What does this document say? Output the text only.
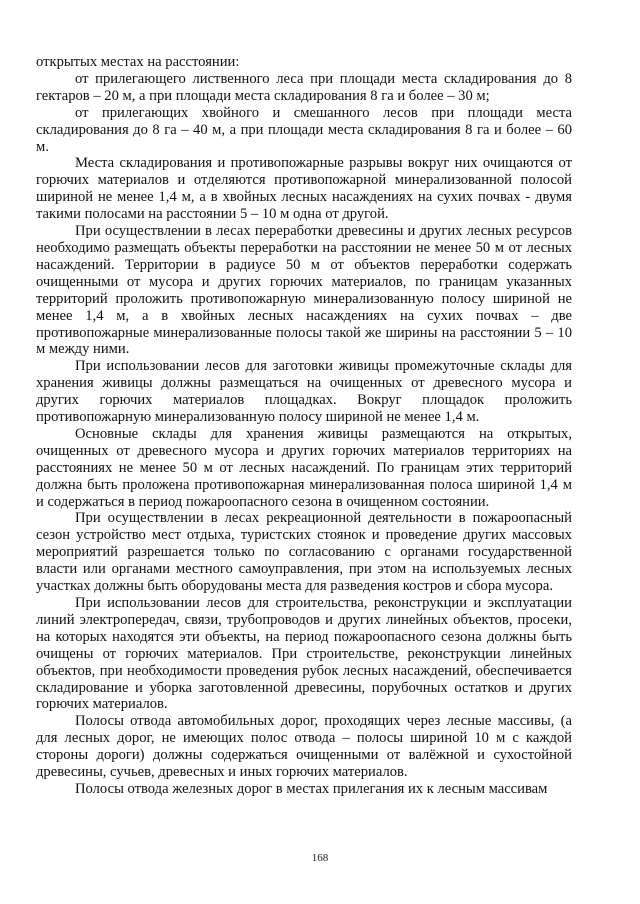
открытых местах на расстоянии:

от прилегающего лиственного леса при площади места складирования до 8 гектаров – 20 м, а при площади места складирования 8 га и более – 30 м;

от прилегающих хвойного и смешанного лесов при площади места складирования до 8 га – 40 м, а при площади места складирования 8 га и более – 60 м.

Места складирования и противопожарные разрывы вокруг них очищаются от горючих материалов и отделяются противопожарной минерализованной полосой шириной не менее 1,4 м, а в хвойных лесных насаждениях на сухих почвах - двумя такими полосами на расстоянии 5 – 10 м одна от другой.

При осуществлении в лесах переработки древесины и других лесных ресурсов необходимо размещать объекты переработки на расстоянии не менее 50 м от лесных насаждений. Территории в радиусе 50 м от объектов переработки содержать очищенными от мусора и других горючих материалов, по границам указанных территорий проложить противопожарную минерализованную полосу шириной не менее 1,4 м, а в хвойных лесных насаждениях на сухих почвах – две противопожарные минерализованные полосы такой же ширины на расстоянии 5 – 10 м между ними.

При использовании лесов для заготовки живицы промежуточные склады для хранения живицы должны размещаться на очищенных от древесного мусора и других горючих материалов площадках. Вокруг площадок проложить противопожарную минерализованную полосу шириной не менее 1,4 м.

Основные склады для хранения живицы размещаются на открытых, очищенных от древесного мусора и других горючих материалов территориях на расстояниях не менее 50 м от лесных насаждений. По границам этих территорий должна быть проложена противопожарная минерализованная полоса шириной 1,4 м и содержаться в период пожароопасного сезона в очищенном состоянии.

При осуществлении в лесах рекреационной деятельности в пожароопасный сезон устройство мест отдыха, туристских стоянок и проведение других массовых мероприятий разрешается только по согласованию с органами государственной власти или органами местного самоуправления, при этом на используемых лесных участках должны быть оборудованы места для разведения костров и сбора мусора.

При использовании лесов для строительства, реконструкции и эксплуатации линий электропередач, связи, трубопроводов и других линейных объектов, просеки, на которых находятся эти объекты, на период пожароопасного сезона должны быть очищены от горючих материалов. При строительстве, реконструкции линейных объектов, при необходимости проведения рубок лесных насаждений, обеспечивается складирование и уборка заготовленной древесины, порубочных остатков и других горючих материалов.

Полосы отвода автомобильных дорог, проходящих через лесные массивы, (а для лесных дорог, не имеющих полос отвода – полосы шириной 10 м с каждой стороны дороги) должны содержаться очищенными от валёжной и сухостойной древесины, сучьев, древесных и иных горючих материалов.

Полосы отвода железных дорог в местах прилегания их к лесным массивам

168
